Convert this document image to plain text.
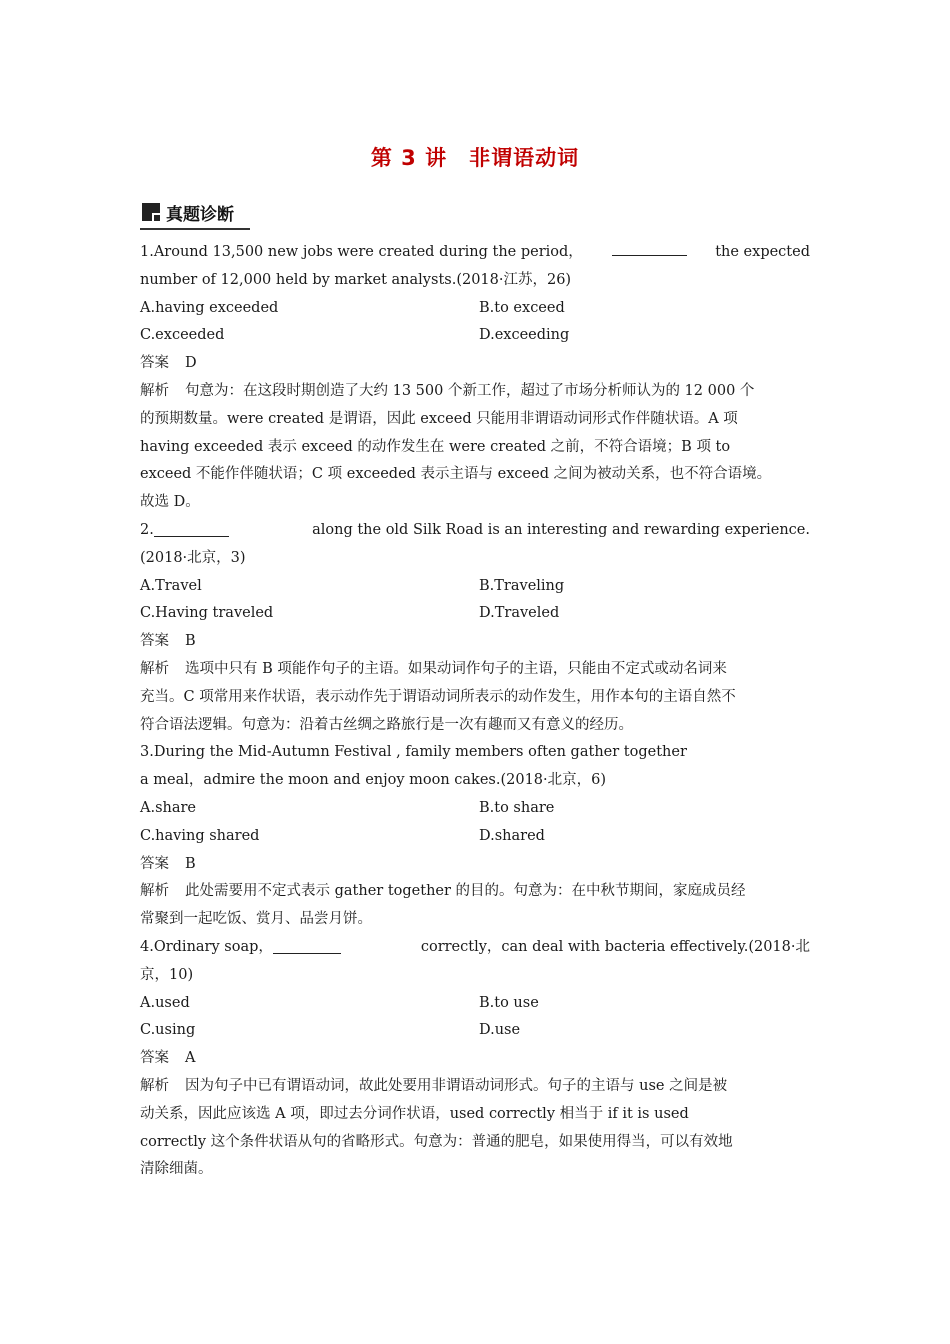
第 3 讲　非谓语动词
真题诊断
1.Around 13,500 new jobs were created during the period，	the expected
number of 12,000 held by market analysts.(2018·江苏，26)
A.having exceeded	B.to exceed
C.exceeded	D.exceeding
答案 D
解析 句意为：在这段时期创造了大约 13 500 个新工作，超过了市场分析师认为的 12 000 个
的预期数量。were created 是谓语，因此 exceed 只能用非谓语动词形式作伴随状语。A 项
having exceeded 表示 exceed 的动作发生在 were created 之前，不符合语境；B 项 to
exceed 不能作伴随状语；C 项 exceeded 表示主语与 exceed 之间为被动关系，也不符合语境。
故选 D。
2.	along the old Silk Road is an interesting and rewarding experience.
(2018·北京，3)
A.Travel	B.Traveling
C.Having traveled	D.Traveled
答案 B
解析 选项中只有 B 项能作句子的主语。如果动词作句子的主语，只能由不定式或动名词来
充当。C 项常用来作状语，表示动作先于谓语动词所表示的动作发生，用作本句的主语自然不
符合语法逻辑。句意为：沿着古丝绸之路旅行是一次有趣而又有意义的经历。
3.During the Mid-Autumn Festival , family members often gather together
a meal，admire the moon and enjoy moon cakes.(2018·北京，6)
A.share	B.to share
C.having shared	D.shared
答案 B
解析 此处需要用不定式表示 gather together 的目的。句意为：在中秋节期间，家庭成员经
常聚到一起吃饭、赏月、品尝月饼。
4.Ordinary soap，	correctly，can deal with bacteria effectively.(2018·北
京，10)
A.used	B.to use
C.using	D.use
答案 A
解析 因为句子中已有谓语动词，故此处要用非谓语动词形式。句子的主语与 use 之间是被
动关系，因此应该选 A 项，即过去分词作状语，used correctly 相当于 if it is used
correctly 这个条件状语从句的省略形式。句意为：普通的肥皂，如果使用得当，可以有效地
清除细菌。
